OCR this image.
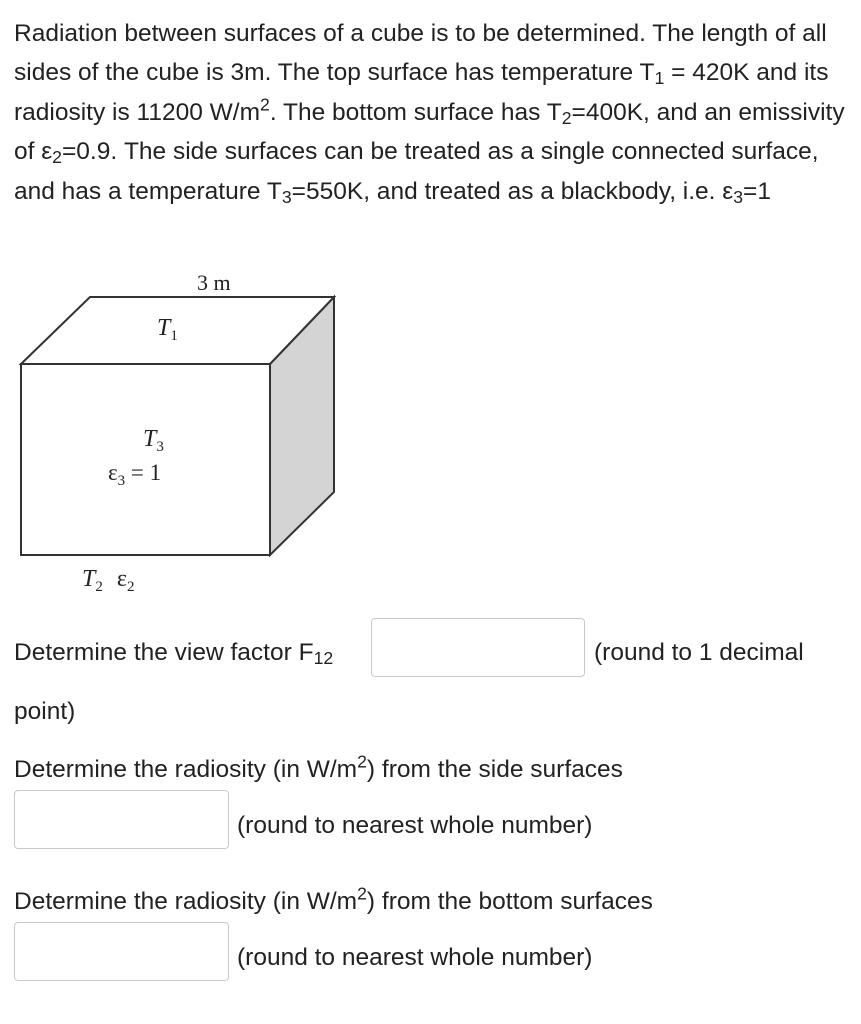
Radiation between surfaces of a cube is to be determined. The length of all sides of the cube is 3m. The top surface has temperature $T_1 = 420K$ and its radiosity is 11200 $W/m^2$. The bottom surface has $T_2=400K$, and an emissivity of $\varepsilon_2=0.9$. The side surfaces can be treated as a single connected surface, and has a temperature $T_3=550K$, and treated as a blackbody, i.e. $\varepsilon_3=1$

3 m
$T_1$
$T_3$
$\varepsilon_3 = 1$
$T_2$ $\varepsilon_2$

Determine the view factor $F_{12}$	(round to 1 decimal

point)

Determine the radiosity (in $W/m^2$) from the side surfaces

(round to nearest whole number)

Determine the radiosity (in $W/m^2$) from the bottom surfaces

(round to nearest whole number)
